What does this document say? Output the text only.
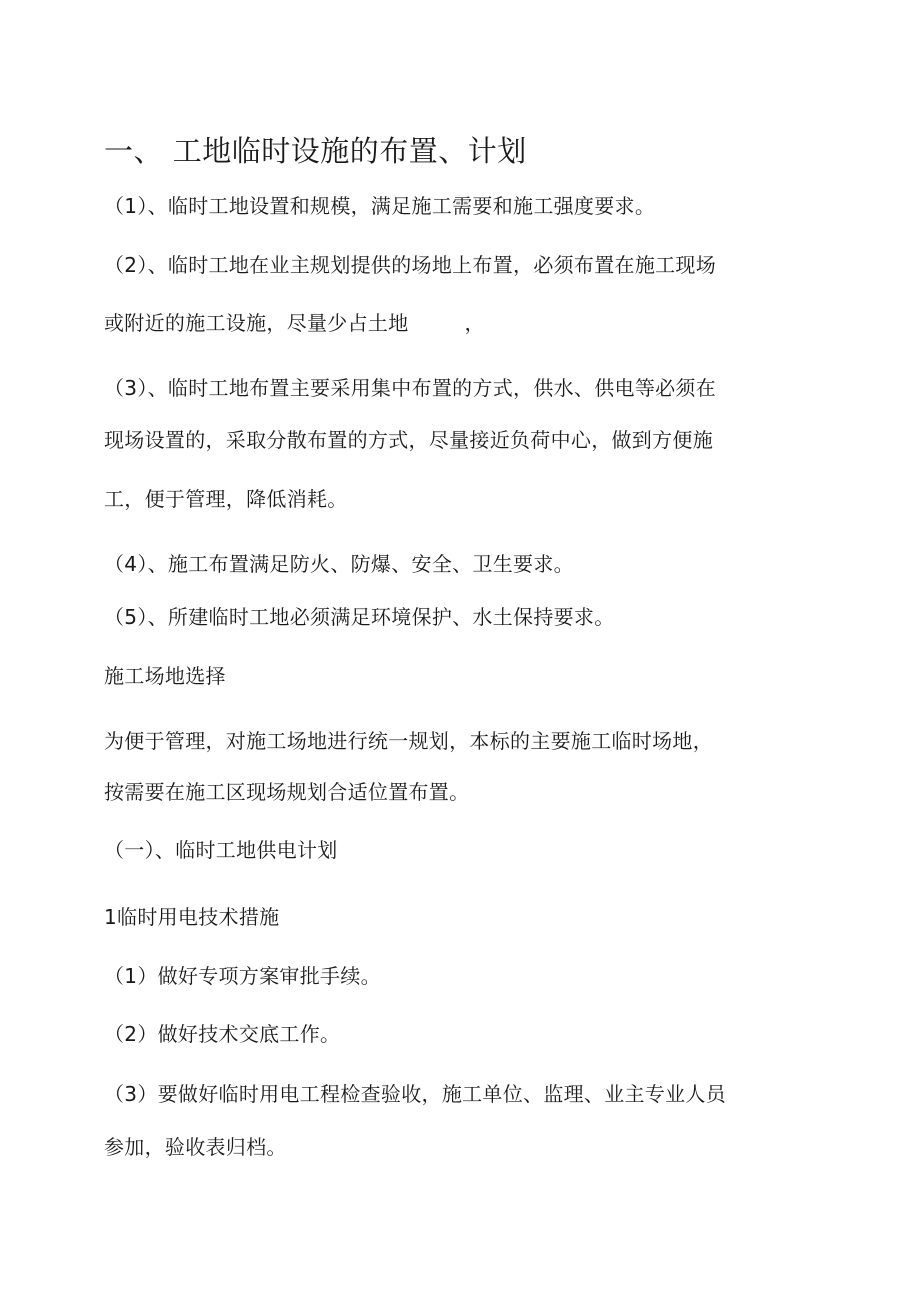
一、 工地临时设施的布置、计划
（1）、临时工地设置和规模，满足施工需要和施工强度要求。
（2）、临时工地在业主规划提供的场地上布置，必须布置在施工现场
或附近的施工设施，尽量少占土地	，
（3）、临时工地布置主要采用集中布置的方式，供水、供电等必须在
现场设置的，采取分散布置的方式，尽量接近负荷中心，做到方便施
工，便于管理，降低消耗。
（4）、施工布置满足防火、防爆、安全、卫生要求。
（5）、所建临时工地必须满足环境保护、水土保持要求。
施工场地选择
为便于管理，对施工场地进行统一规划，本标的主要施工临时场地，
按需要在施工区现场规划合适位置布置。
（一）、临时工地供电计划
1临时用电技术措施
（1）做好专项方案审批手续。
（2）做好技术交底工作。
（3）要做好临时用电工程检查验收，施工单位、监理、业主专业人员
参加，验收表归档。
